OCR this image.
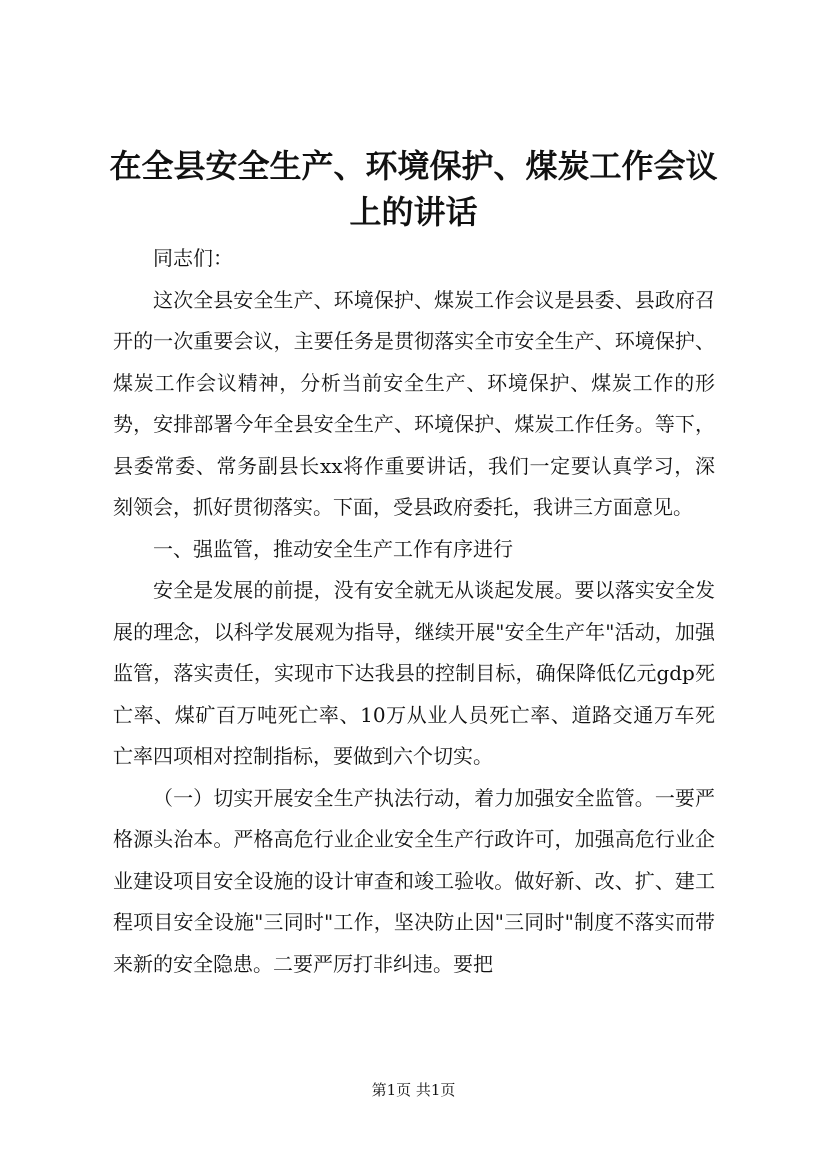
在全县安全生产、环境保护、煤炭工作会议上的讲话

同志们：

这次全县安全生产、环境保护、煤炭工作会议是县委、县政府召开的一次重要会议，主要任务是贯彻落实全市安全生产、环境保护、煤炭工作会议精神，分析当前安全生产、环境保护、煤炭工作的形势，安排部署今年全县安全生产、环境保护、煤炭工作任务。等下，县委常委、常务副县长xx将作重要讲话，我们一定要认真学习，深刻领会，抓好贯彻落实。下面，受县政府委托，我讲三方面意见。

一、强监管，推动安全生产工作有序进行

安全是发展的前提，没有安全就无从谈起发展。要以落实安全发展的理念，以科学发展观为指导，继续开展"安全生产年"活动，加强监管，落实责任，实现市下达我县的控制目标，确保降低亿元gdp死亡率、煤矿百万吨死亡率、10万从业人员死亡率、道路交通万车死亡率四项相对控制指标，要做到六个切实。

（一）切实开展安全生产执法行动，着力加强安全监管。一要严格源头治本。严格高危行业企业安全生产行政许可，加强高危行业企业建设项目安全设施的设计审查和竣工验收。做好新、改、扩、建工程项目安全设施"三同时"工作，坚决防止因"三同时"制度不落实而带来新的安全隐患。二要严厉打非纠违。要把

第1页 共1页
